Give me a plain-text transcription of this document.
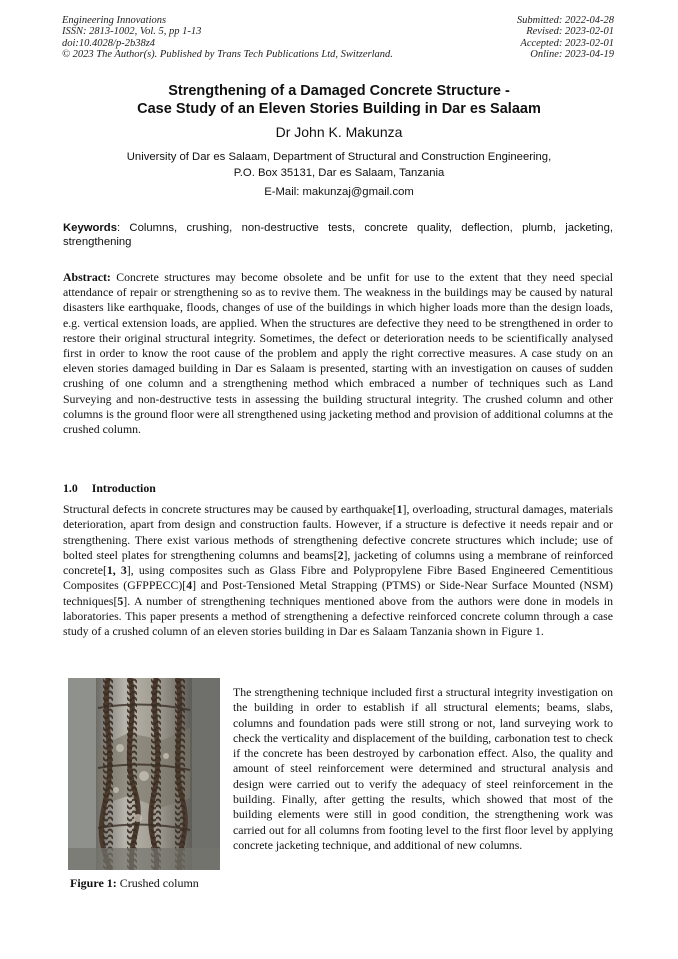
Engineering Innovations
ISSN: 2813-1002, Vol. 5, pp 1-13
doi:10.4028/p-2b38z4
© 2023 The Author(s). Published by Trans Tech Publications Ltd, Switzerland.
Submitted: 2022-04-28
Revised: 2023-02-01
Accepted: 2023-02-01
Online: 2023-04-19
Strengthening of a Damaged Concrete Structure -
Case Study of an Eleven Stories Building in Dar es Salaam
Dr John K. Makunza
University of Dar es Salaam, Department of Structural and Construction Engineering,
P.O. Box 35131, Dar es Salaam, Tanzania
E-Mail: makunzaj@gmail.com
Keywords: Columns, crushing, non-destructive tests, concrete quality, deflection, plumb, jacketing, strengthening
Abstract: Concrete structures may become obsolete and be unfit for use to the extent that they need special attendance of repair or strengthening so as to revive them. The weakness in the buildings may be caused by natural disasters like earthquake, floods, changes of use of the buildings in which higher loads more than the design loads, e.g. vertical extension loads, are applied. When the structures are defective they need to be strengthened in order to restore their original structural integrity. Sometimes, the defect or deterioration needs to be scientifically analysed first in order to know the root cause of the problem and apply the right corrective measures. A case study on an eleven stories damaged building in Dar es Salaam is presented, starting with an investigation on causes of sudden crushing of one column and a strengthening method which embraced a number of techniques such as Land Surveying and non-destructive tests in assessing the building structural integrity. The crushed column and other columns is the ground floor were all strengthened using jacketing method and provision of additional columns at the crushed column.
1.0 Introduction
Structural defects in concrete structures may be caused by earthquake[1], overloading, structural damages, materials deterioration, apart from design and construction faults. However, if a structure is defective it needs repair and or strengthening. There exist various methods of strengthening defective concrete structures which include; use of bolted steel plates for strengthening columns and beams[2], jacketing of columns using a membrane of reinforced concrete[1, 3], using composites such as Glass Fibre and Polypropylene Fibre Based Engineered Cementitious Composites (GFPPECC)[4] and Post-Tensioned Metal Strapping (PTMS) or Side-Near Surface Mounted (NSM) techniques[5]. A number of strengthening techniques mentioned above from the authors were done in models in laboratories. This paper presents a method of strengthening a defective reinforced concrete column through a case study of a crushed column of an eleven stories building in Dar es Salaam Tanzania shown in Figure 1.
Figure 1: Crushed column
The strengthening technique included first a structural integrity investigation on the building in order to establish if all structural elements; beams, slabs, columns and foundation pads were still strong or not, land surveying work to check the verticality and displacement of the building, carbonation test to check if the concrete has been destroyed by carbonation effect. Also, the quality and amount of steel reinforcement were determined and structural analysis and design were carried out to verify the adequacy of steel reinforcement in the building. Finally, after getting the results, which showed that most of the building elements were still in good condition, the strengthening work was carried out for all columns from footing level to the first floor level by applying concrete jacketing technique, and additional of new columns.
